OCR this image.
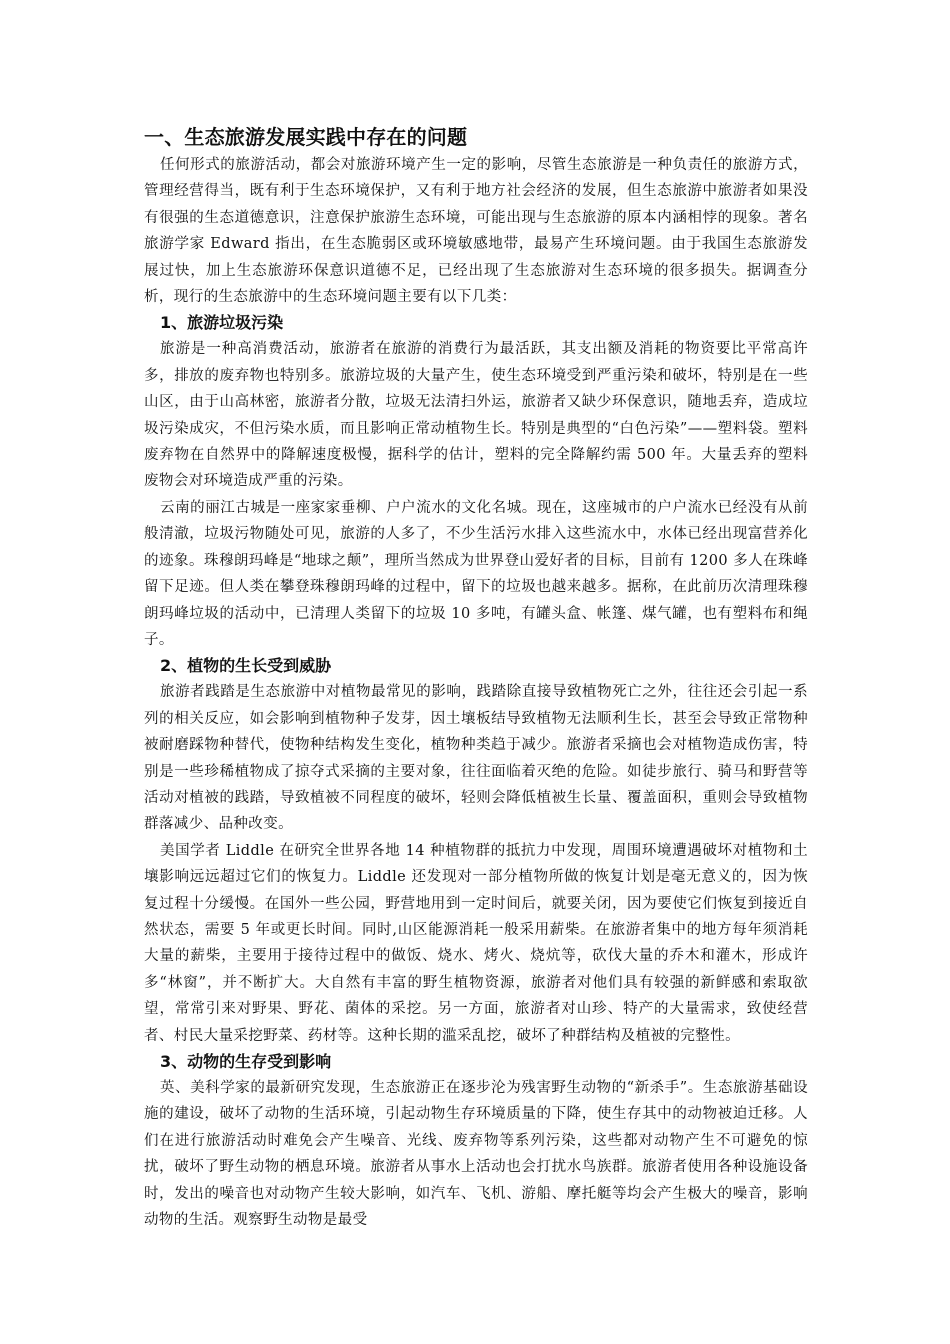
一、生态旅游发展实践中存在的问题

任何形式的旅游活动，都会对旅游环境产生一定的影响，尽管生态旅游是一种负责任的旅游方式，管理经营得当，既有利于生态环境保护，又有利于地方社会经济的发展，但生态旅游中旅游者如果没有很强的生态道德意识，注意保护旅游生态环境，可能出现与生态旅游的原本内涵相悖的现象。著名旅游学家 Edward 指出，在生态脆弱区或环境敏感地带，最易产生环境问题。由于我国生态旅游发展过快，加上生态旅游环保意识道德不足，已经出现了生态旅游对生态环境的很多损失。据调查分析，现行的生态旅游中的生态环境问题主要有以下几类：

1、旅游垃圾污染

旅游是一种高消费活动，旅游者在旅游的消费行为最活跃，其支出额及消耗的物资要比平常高许多，排放的废弃物也特别多。旅游垃圾的大量产生，使生态环境受到严重污染和破坏，特别是在一些山区，由于山高林密，旅游者分散，垃圾无法清扫外运，旅游者又缺少环保意识，随地丢弃，造成垃圾污染成灾，不但污染水质，而且影响正常动植物生长。特别是典型的“白色污染”——塑料袋。塑料废弃物在自然界中的降解速度极慢，据科学的估计，塑料的完全降解约需 500 年。大量丢弃的塑料废物会对环境造成严重的污染。

云南的丽江古城是一座家家垂柳、户户流水的文化名城。现在，这座城市的户户流水已经没有从前般清澈，垃圾污物随处可见，旅游的人多了，不少生活污水排入这些流水中，水体已经出现富营养化的迹象。珠穆朗玛峰是“地球之颠”，理所当然成为世界登山爱好者的目标，目前有 1200 多人在珠峰留下足迹。但人类在攀登珠穆朗玛峰的过程中，留下的垃圾也越来越多。据称，在此前历次清理珠穆朗玛峰垃圾的活动中，已清理人类留下的垃圾 10 多吨，有罐头盒、帐篷、煤气罐，也有塑料布和绳子。

2、植物的生长受到威胁

旅游者践踏是生态旅游中对植物最常见的影响，践踏除直接导致植物死亡之外，往往还会引起一系列的相关反应，如会影响到植物种子发芽，因土壤板结导致植物无法顺利生长，甚至会导致正常物种被耐磨踩物种替代，使物种结构发生变化，植物种类趋于减少。旅游者采摘也会对植物造成伤害，特别是一些珍稀植物成了掠夺式采摘的主要对象，往往面临着灭绝的危险。如徒步旅行、骑马和野营等活动对植被的践踏，导致植被不同程度的破坏，轻则会降低植被生长量、覆盖面积，重则会导致植物群落减少、品种改变。

美国学者 Liddle 在研究全世界各地 14 种植物群的抵抗力中发现，周围环境遭遇破坏对植物和土壤影响远远超过它们的恢复力。Liddle 还发现对一部分植物所做的恢复计划是毫无意义的，因为恢复过程十分缓慢。在国外一些公园，野营地用到一定时间后，就要关闭，因为要使它们恢复到接近自然状态，需要 5 年或更长时间。同时,山区能源消耗一般采用薪柴。在旅游者集中的地方每年须消耗大量的薪柴，主要用于接待过程中的做饭、烧水、烤火、烧炕等，砍伐大量的乔木和灌木，形成许多“林窗”，并不断扩大。大自然有丰富的野生植物资源，旅游者对他们具有较强的新鲜感和索取欲望，常常引来对野果、野花、菌体的采挖。另一方面，旅游者对山珍、特产的大量需求，致使经营者、村民大量采挖野菜、药材等。这种长期的滥采乱挖，破坏了种群结构及植被的完整性。

3、动物的生存受到影响

英、美科学家的最新研究发现，生态旅游正在逐步沦为残害野生动物的“新杀手”。生态旅游基础设施的建设，破坏了动物的生活环境，引起动物生存环境质量的下降，使生存其中的动物被迫迁移。人们在进行旅游活动时难免会产生噪音、光线、废弃物等系列污染，这些都对动物产生不可避免的惊扰，破坏了野生动物的栖息环境。旅游者从事水上活动也会打扰水鸟族群。旅游者使用各种设施设备时，发出的噪音也对动物产生较大影响，如汽车、飞机、游船、摩托艇等均会产生极大的噪音，影响动物的生活。观察野生动物是最受
